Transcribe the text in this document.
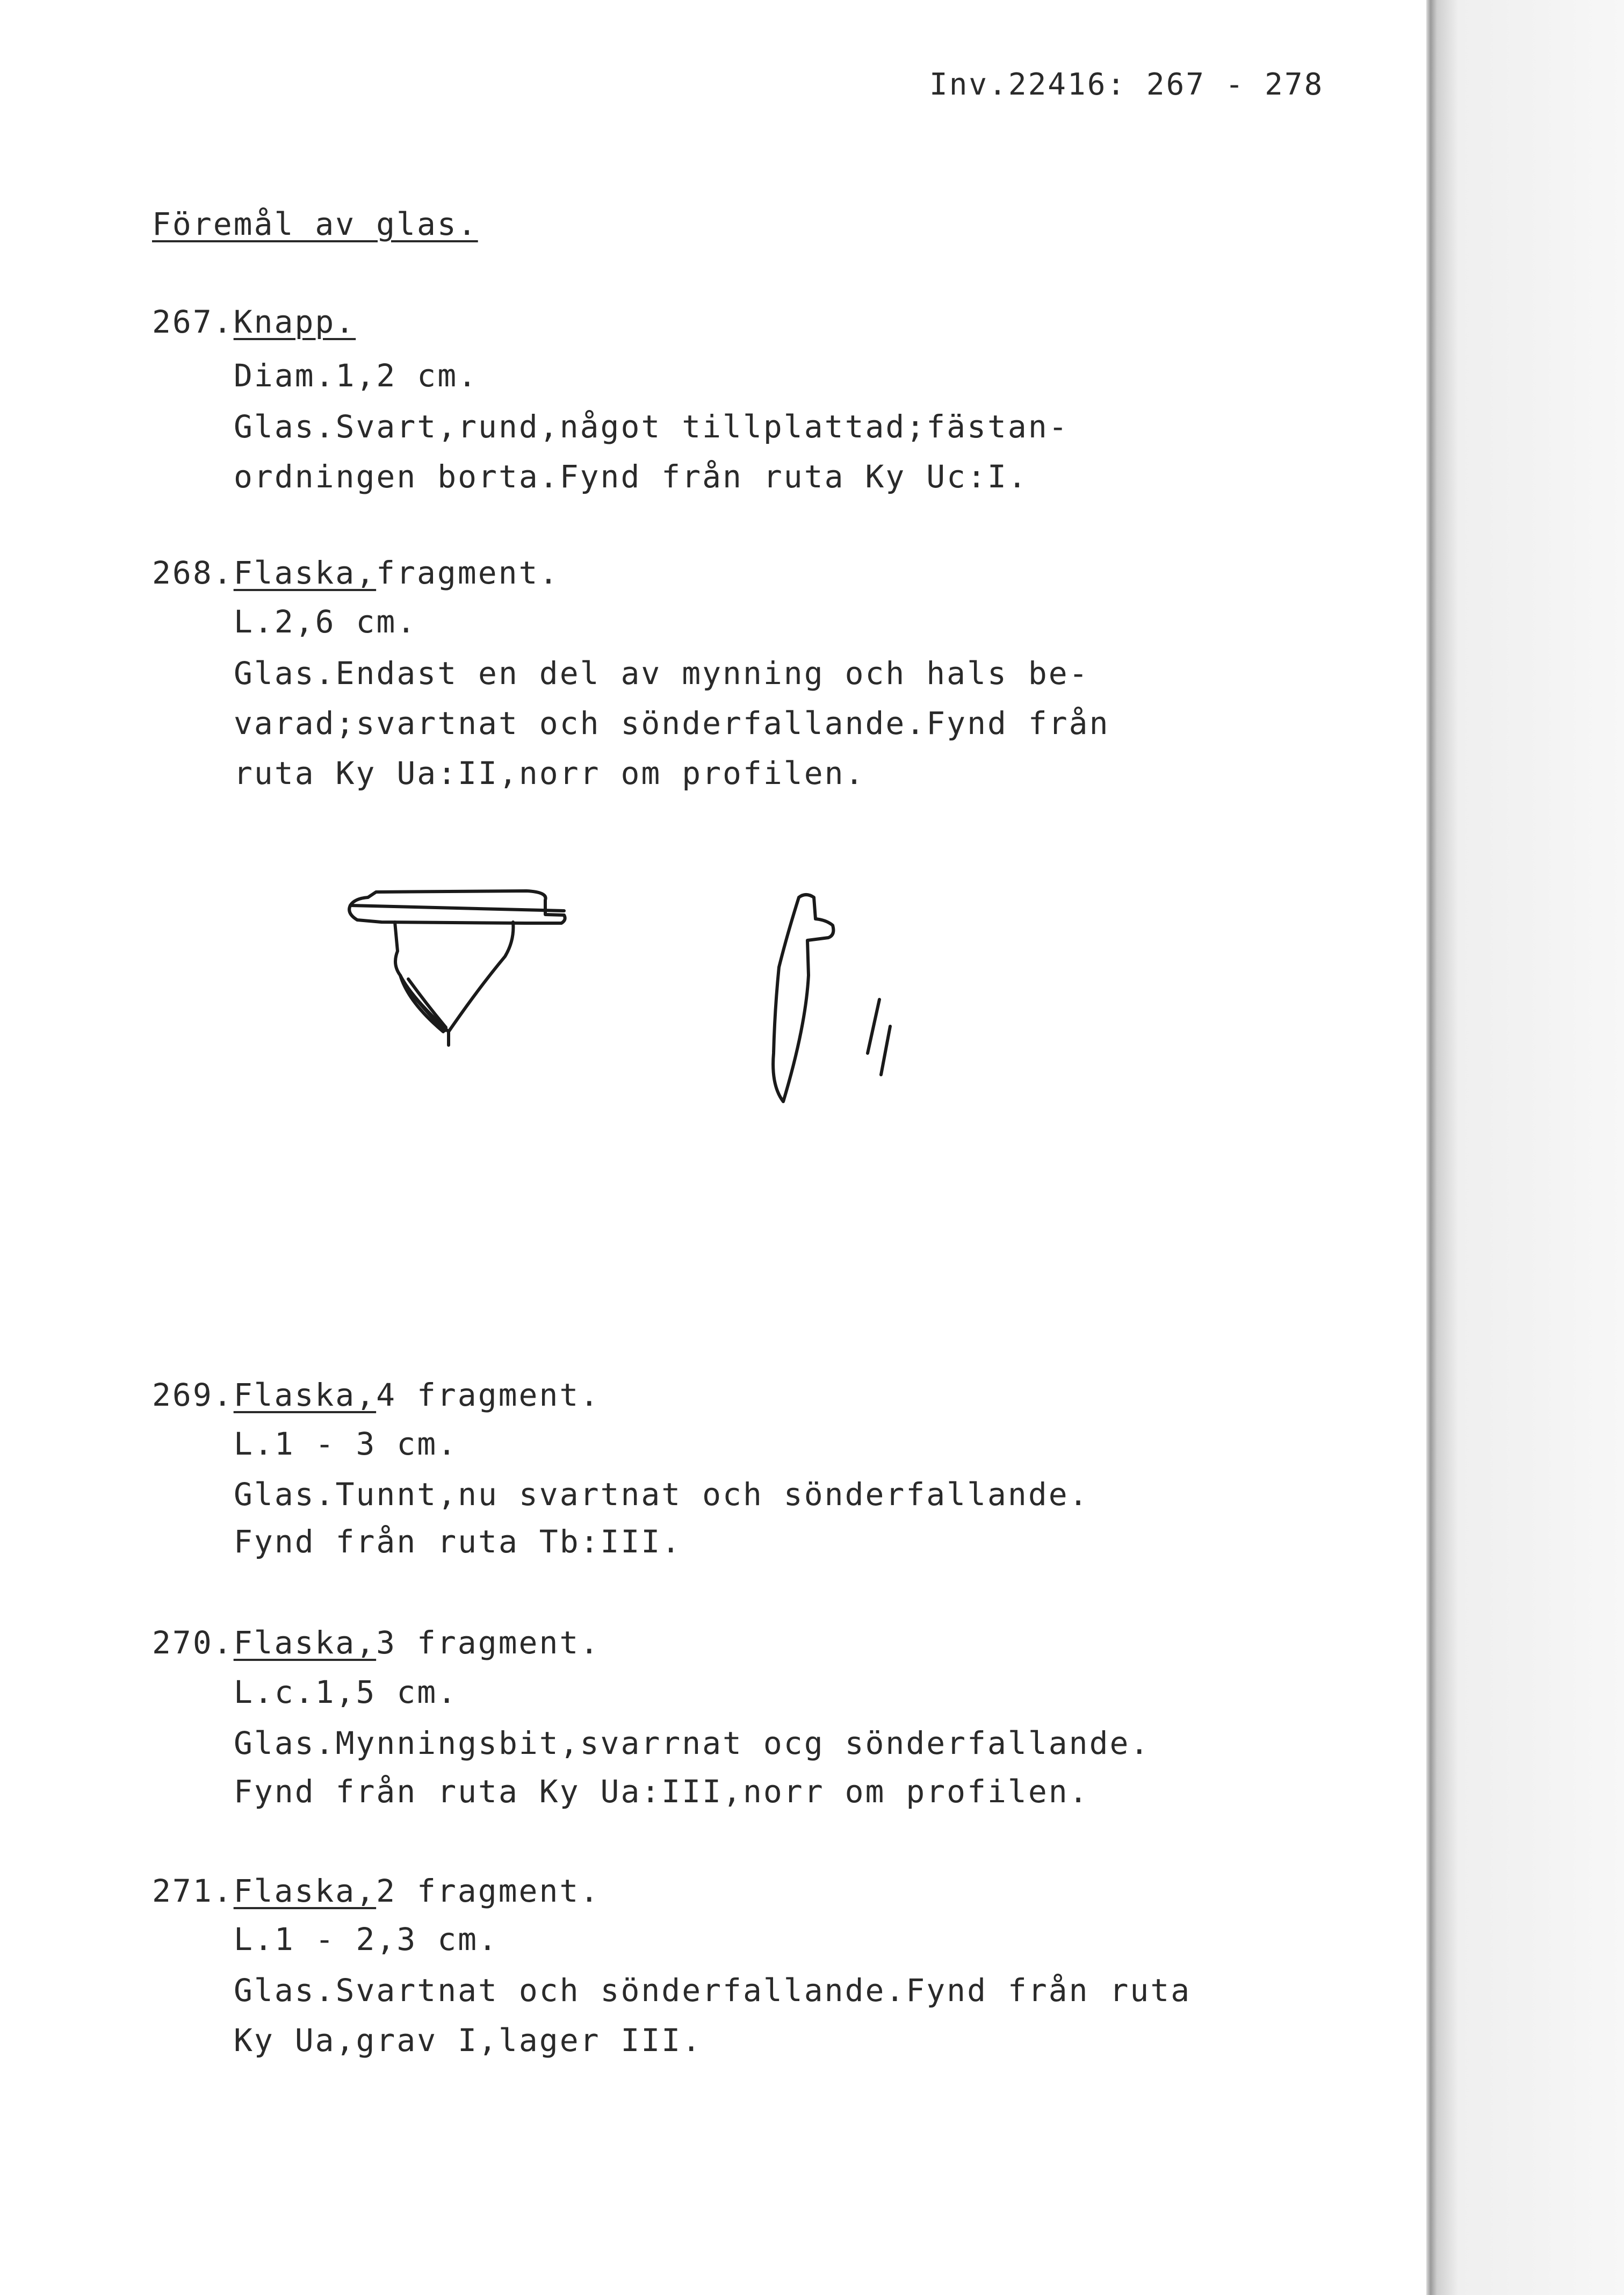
Inv.22416: 267 - 278
Föremål av glas.
267.Knapp.
Diam.1,2 cm.
Glas.Svart,rund,något tillplattad;fästan-
ordningen borta.Fynd från ruta Ky Uc:I.
268.Flaska,fragment.
L.2,6 cm.
Glas.Endast en del av mynning och hals be-
varad;svartnat och sönderfallande.Fynd från
ruta Ky Ua:II,norr om profilen.
269.Flaska,4 fragment.
L.1 - 3 cm.
Glas.Tunnt,nu svartnat och sönderfallande.
Fynd från ruta Tb:III.
270.Flaska,3 fragment.
L.c.1,5 cm.
Glas.Mynningsbit,svarrnat ocg sönderfallande.
Fynd från ruta Ky Ua:III,norr om profilen.
271.Flaska,2 fragment.
L.1 - 2,3 cm.
Glas.Svartnat och sönderfallande.Fynd från ruta
Ky Ua,grav I,lager III.
